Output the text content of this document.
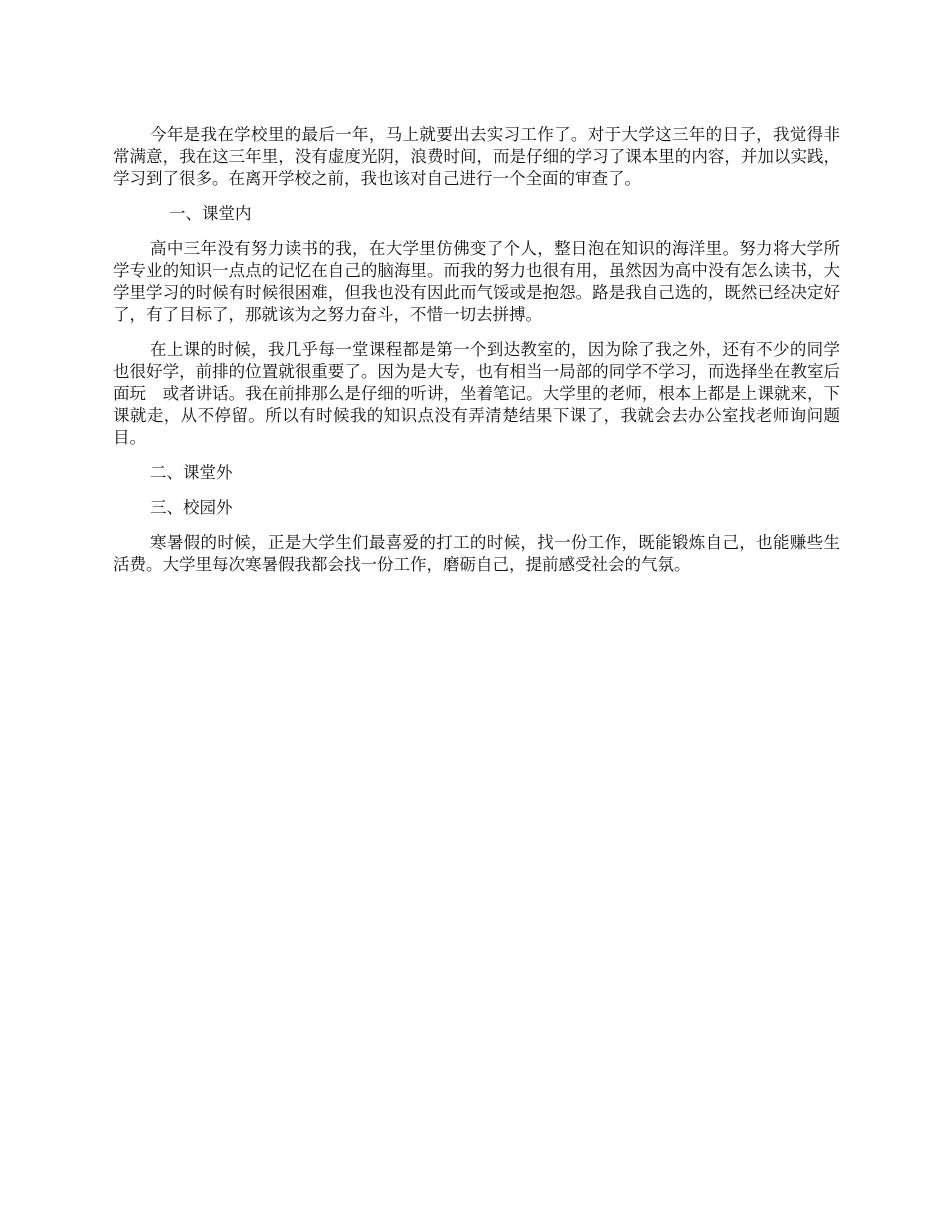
今年是我在学校里的最后一年，马上就要出去实习工作了。对于大学这三年的日子，我觉得非常满意，我在这三年里，没有虚度光阴，浪费时间，而是仔细的学习了课本里的内容，并加以实践，学习到了很多。在离开学校之前，我也该对自己进行一个全面的审查了。

一、课堂内

高中三年没有努力读书的我，在大学里仿佛变了个人，整日泡在知识的海洋里。努力将大学所学专业的知识一点点的记忆在自己的脑海里。而我的努力也很有用，虽然因为高中没有怎么读书，大学里学习的时候有时候很困难，但我也没有因此而气馁或是抱怨。路是我自己选的，既然已经决定好了，有了目标了，那就该为之努力奋斗，不惜一切去拼搏。

在上课的时候，我几乎每一堂课程都是第一个到达教室的，因为除了我之外，还有不少的同学也很好学，前排的位置就很重要了。因为是大专，也有相当一局部的同学不学习，而选择坐在教室后面玩　或者讲话。我在前排那么是仔细的听讲，坐着笔记。大学里的老师，根本上都是上课就来，下课就走，从不停留。所以有时候我的知识点没有弄清楚结果下课了，我就会去办公室找老师询问题目。

二、课堂外

三、校园外

寒暑假的时候，正是大学生们最喜爱的打工的时候，找一份工作，既能锻炼自己，也能赚些生活费。大学里每次寒暑假我都会找一份工作，磨砺自己，提前感受社会的气氛。
